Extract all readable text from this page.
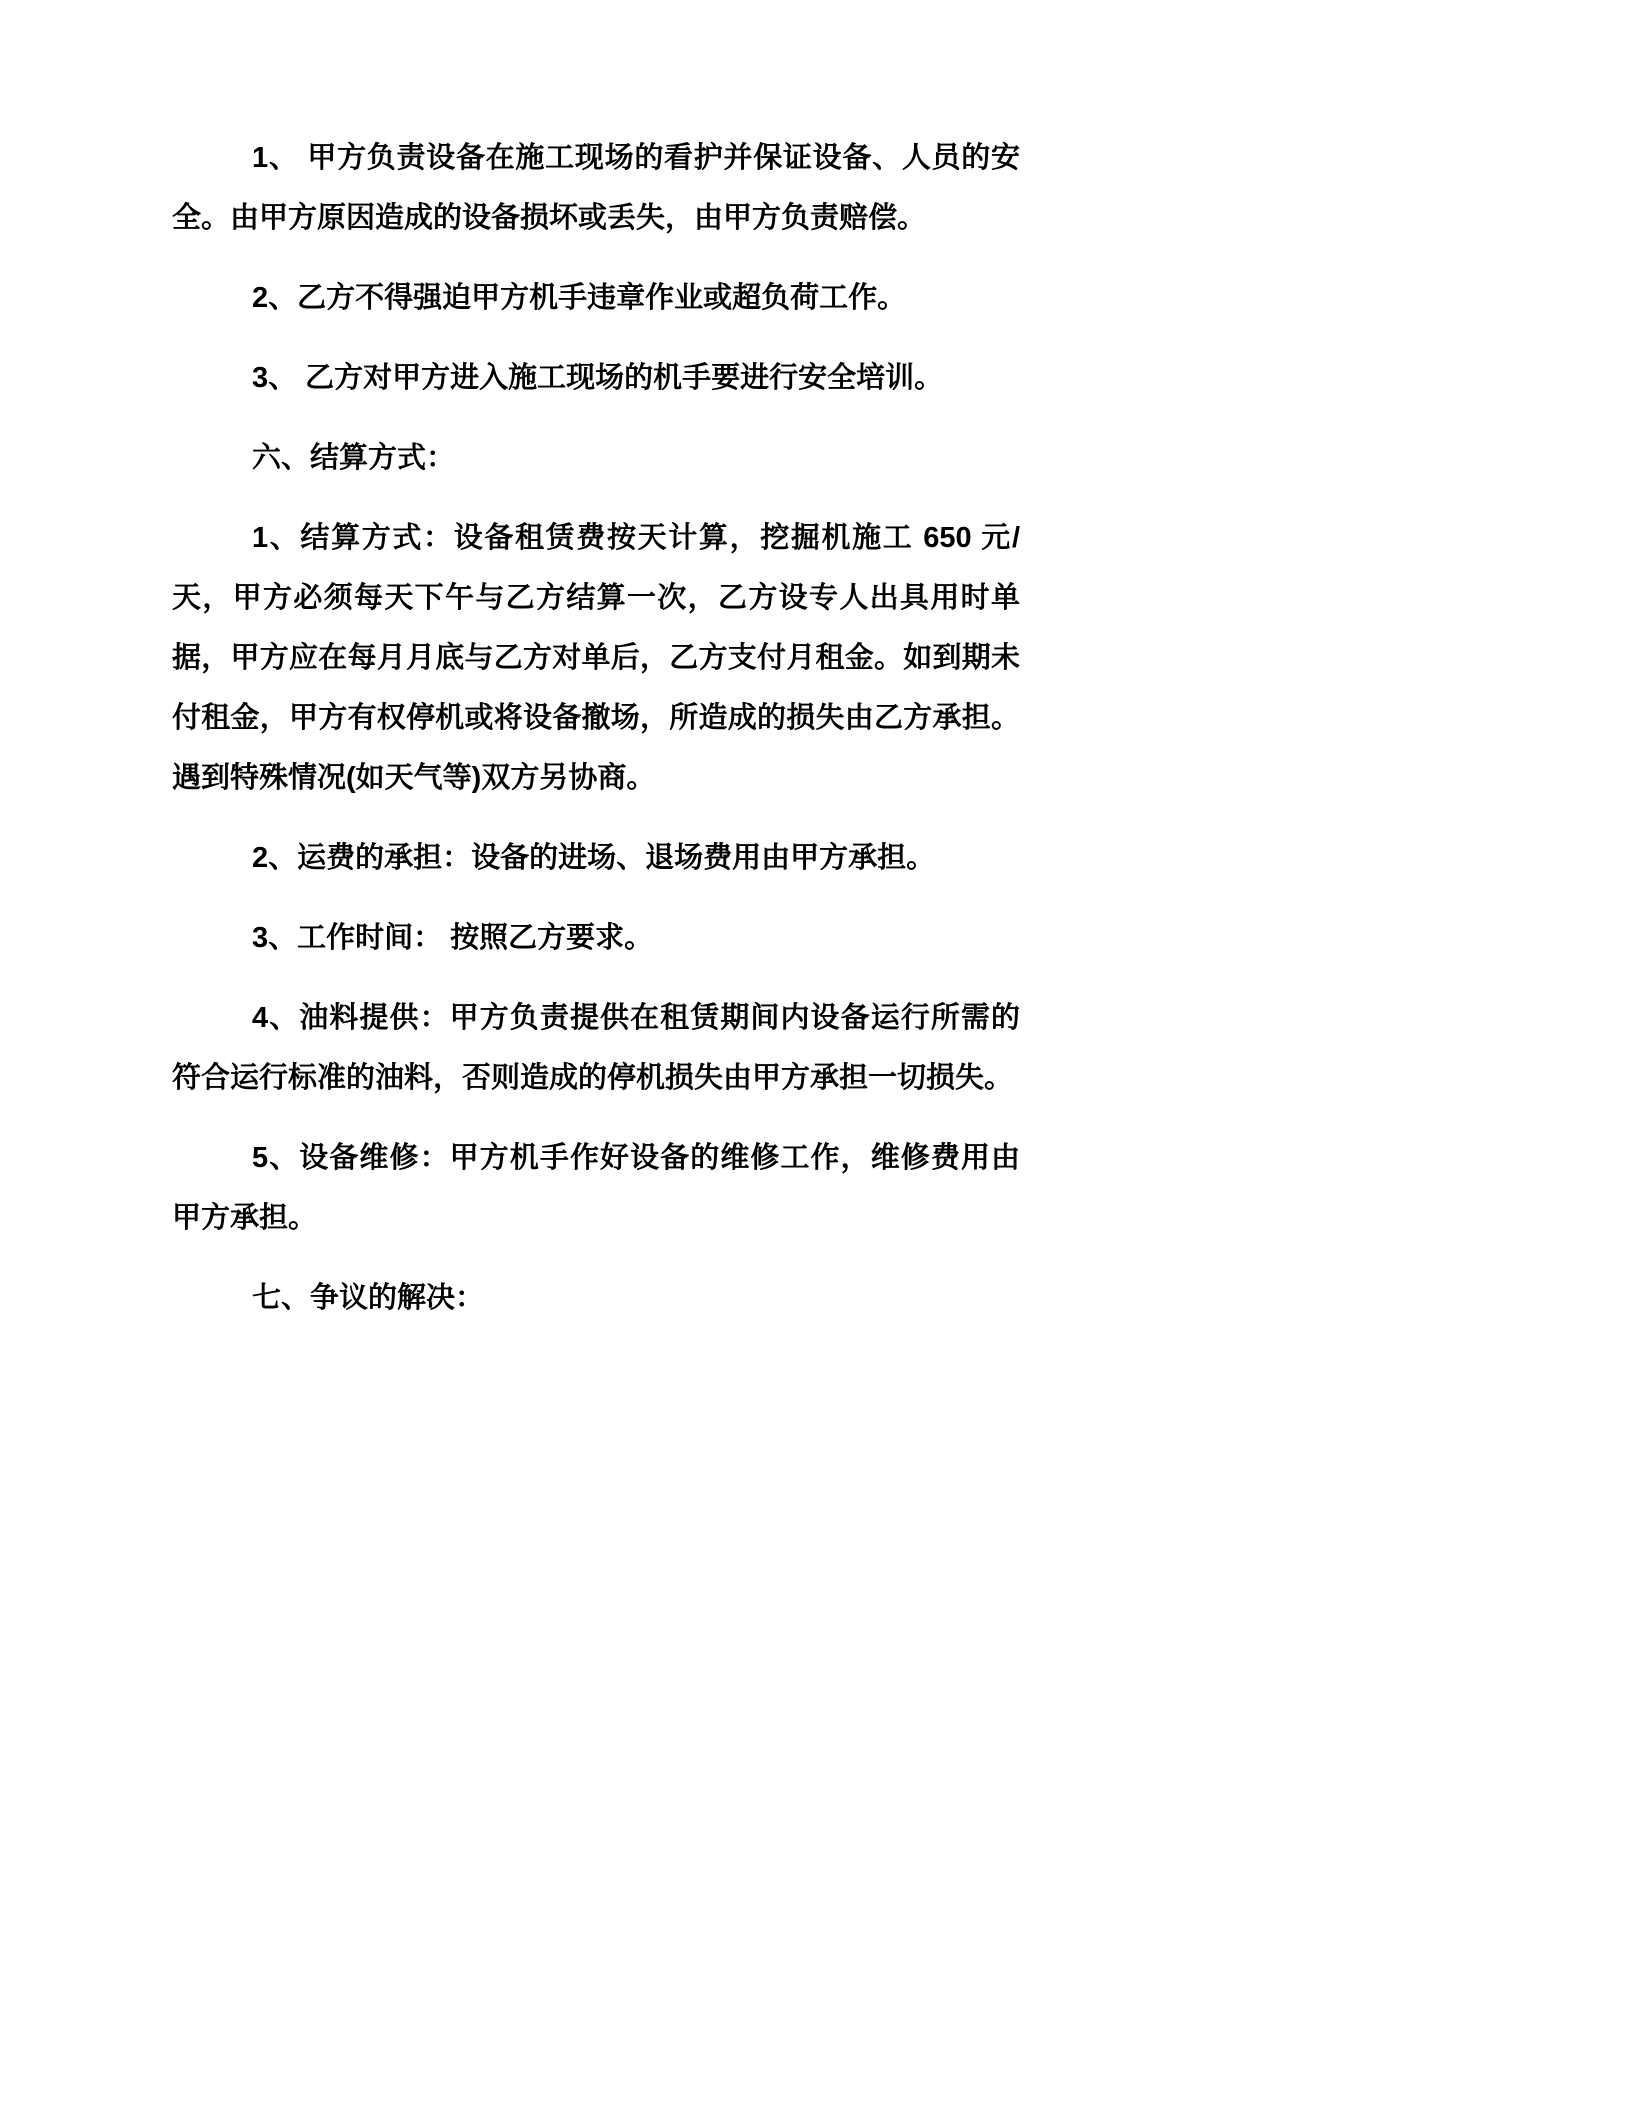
1、 甲方负责设备在施工现场的看护并保证设备、人员的安全。由甲方原因造成的设备损坏或丢失，由甲方负责赔偿。

2、乙方不得强迫甲方机手违章作业或超负荷工作。

3、 乙方对甲方进入施工现场的机手要进行安全培训。

六、结算方式：

1、结算方式：设备租赁费按天计算，挖掘机施工 650 元/天，甲方必须每天下午与乙方结算一次，乙方设专人出具用时单据，甲方应在每月月底与乙方对单后，乙方支付月租金。如到期未付租金，甲方有权停机或将设备撤场，所造成的损失由乙方承担。遇到特殊情况(如天气等)双方另协商。

2、运费的承担：设备的进场、退场费用由甲方承担。

3、工作时间： 按照乙方要求。

4、油料提供：甲方负责提供在租赁期间内设备运行所需的符合运行标准的油料，否则造成的停机损失由甲方承担一切损失。

5、设备维修：甲方机手作好设备的维修工作，维修费用由甲方承担。

七、争议的解决：
